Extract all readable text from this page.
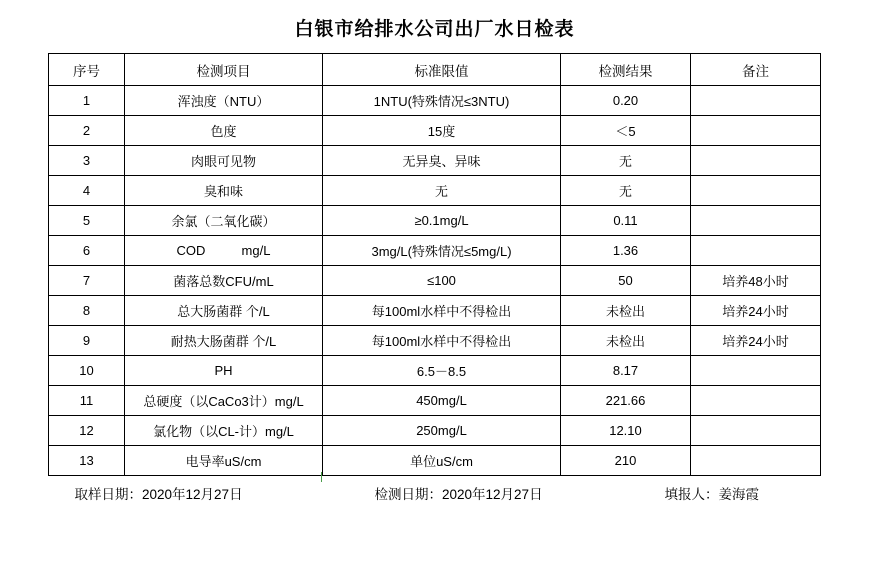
白银市给排水公司出厂水日检表
序号	检测项目	标准限值	检测结果	备注
1	浑浊度（NTU）	1NTU(特殊情况≤3NTU)	0.20	
2	色度	15度	＜5	
3	肉眼可见物	无异臭、异味	无	
4	臭和味	无	无	
5	余氯（二氧化碳）	≥0.1mg/L	0.11	
6	COD          mg/L	3mg/L(特殊情况≤5mg/L)	1.36	
7	菌落总数CFU/mL	≤100	50	培养48小时
8	总大肠菌群 个/L	每100ml水样中不得检出	未检出	培养24小时
9	耐热大肠菌群 个/L	每100ml水样中不得检出	未检出	培养24小时
10	PH	6.5－8.5	8.17	
11	总硬度（以CaCo3计）mg/L	450mg/L	221.66	
12	氯化物（以CL-计）mg/L	250mg/L	12.10	
13	电导率uS/cm	单位uS/cm	210	
取样日期：2020年12月27日	检测日期：2020年12月27日	填报人：姜海霞
